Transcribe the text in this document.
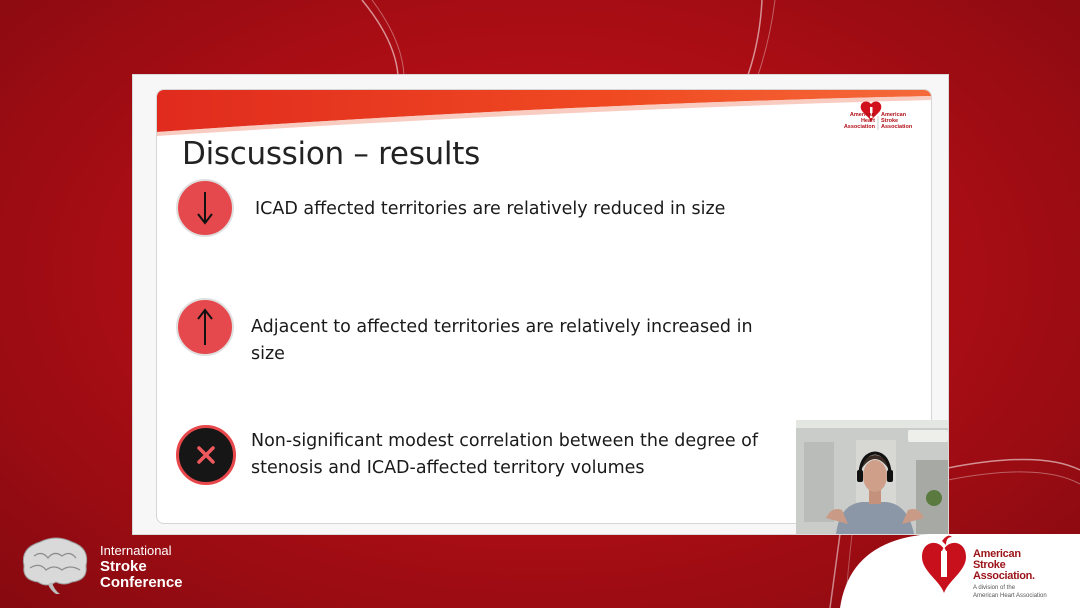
American
Heart
Association
American
Stroke
Association
Discussion – results
ICAD affected territories are relatively reduced in size
Adjacent to affected territories are relatively increased in size
Non-significant modest correlation between the degree of
stenosis and ICAD-affected territory volumes
International
Stroke
Conference
American
Stroke
Association.
A division of the
American Heart Association
